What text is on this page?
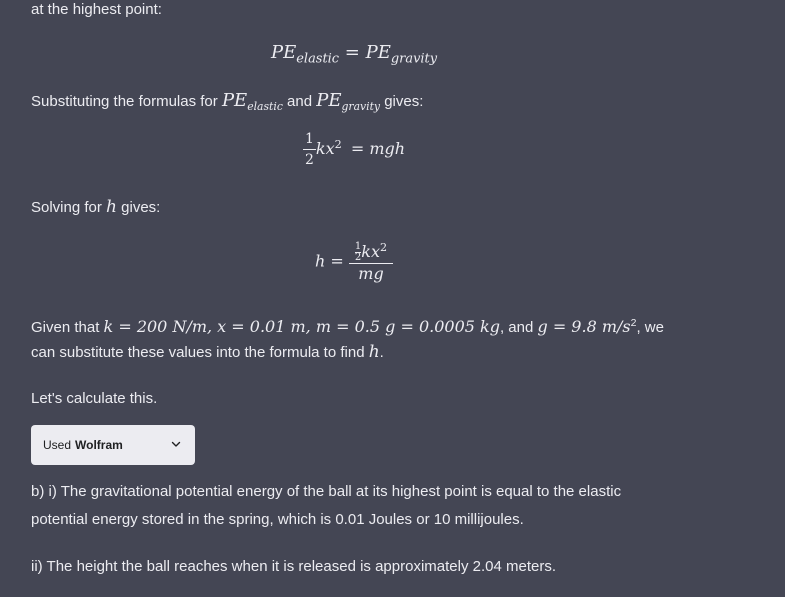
at the highest point:

$PE_{elastic} = PE_{gravity}$

Substituting the formulas for $PE_{elastic}$ and $PE_{gravity}$ gives:

$\frac{1}{2} kx^2$ = mgh

Solving for h gives:

$h = \frac{\frac{1}{2} kx^2}{mg}$

Given that k = 200 N/m, x = 0.01 m, m = 0.5 g = 0.0005 kg, and g = 9.8 $m/s^2$, we

can substitute these values into the formula to find h.

Let's calculate this.

Used Wolfram

b) i) The gravitational potential energy of the ball at its highest point is equal to the elastic

potential energy stored in the spring, which is 0.01 Joules or 10 millijoules.

ii) The height the ball reaches when it is released is approximately 2.04 meters.
